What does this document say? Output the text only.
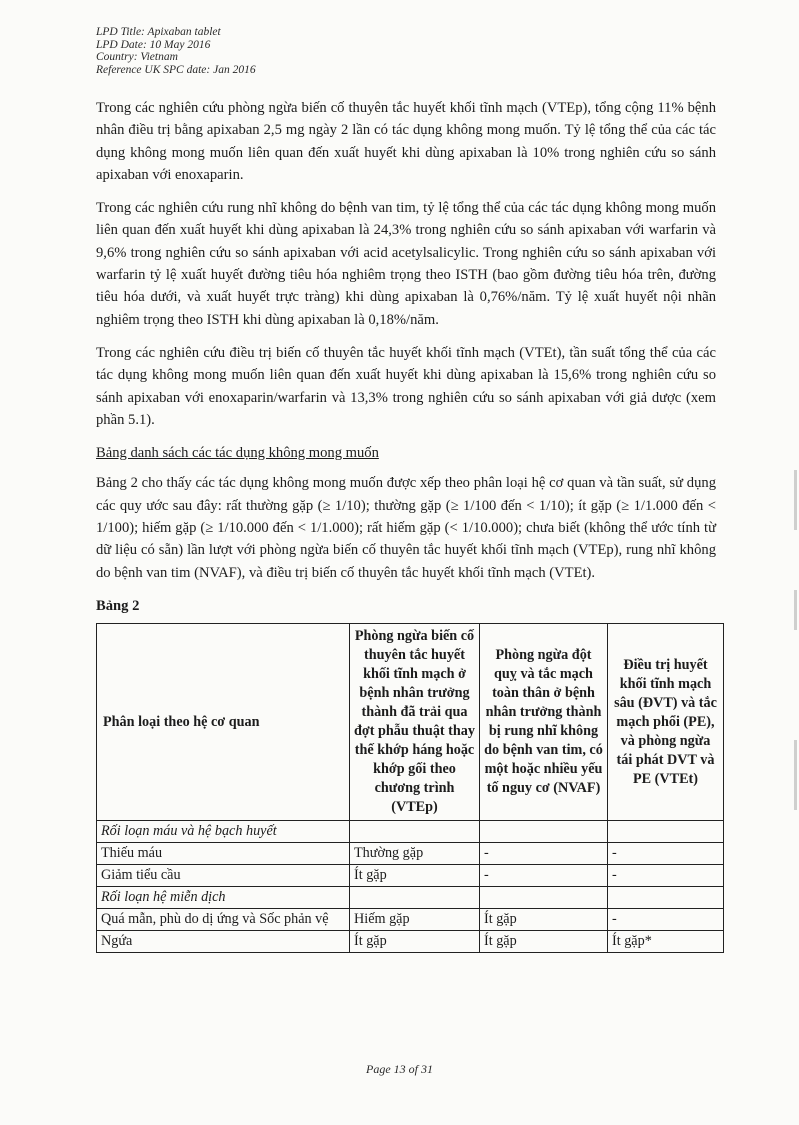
LPD Title: Apixaban tablet
LPD Date: 10 May 2016
Country: Vietnam
Reference UK SPC date: Jan 2016

Trong các nghiên cứu phòng ngừa biến cố thuyên tắc huyết khối tĩnh mạch (VTEp), tổng cộng 11% bệnh nhân điều trị bằng apixaban 2,5 mg ngày 2 lần có tác dụng không mong muốn. Tỷ lệ tổng thể của các tác dụng không mong muốn liên quan đến xuất huyết khi dùng apixaban là 10% trong nghiên cứu so sánh apixaban với enoxaparin.

Trong các nghiên cứu rung nhĩ không do bệnh van tim, tỷ lệ tổng thể của các tác dụng không mong muốn liên quan đến xuất huyết khi dùng apixaban là 24,3% trong nghiên cứu so sánh apixaban với warfarin và 9,6% trong nghiên cứu so sánh apixaban với acid acetylsalicylic. Trong nghiên cứu so sánh apixaban với warfarin tỷ lệ xuất huyết đường tiêu hóa nghiêm trọng theo ISTH (bao gồm đường tiêu hóa trên, đường tiêu hóa dưới, và xuất huyết trực tràng) khi dùng apixaban là 0,76%/năm. Tỷ lệ xuất huyết nội nhãn nghiêm trọng theo ISTH khi dùng apixaban là 0,18%/năm.

Trong các nghiên cứu điều trị biến cố thuyên tắc huyết khối tĩnh mạch (VTEt), tần suất tổng thể của các tác dụng không mong muốn liên quan đến xuất huyết khi dùng apixaban là 15,6% trong nghiên cứu so sánh apixaban với enoxaparin/warfarin và 13,3% trong nghiên cứu so sánh apixaban với giả dược (xem phần 5.1).

Bảng danh sách các tác dụng không mong muốn

Bảng 2 cho thấy các tác dụng không mong muốn được xếp theo phân loại hệ cơ quan và tần suất, sử dụng các quy ước sau đây: rất thường gặp (≥ 1/10); thường gặp (≥ 1/100 đến < 1/10); ít gặp (≥ 1/1.000 đến < 1/100); hiếm gặp (≥ 1/10.000 đến < 1/1.000); rất hiếm gặp (< 1/10.000); chưa biết (không thể ước tính từ dữ liệu có sẵn) lần lượt với phòng ngừa biến cố thuyên tắc huyết khối tĩnh mạch (VTEp), rung nhĩ không do bệnh van tim (NVAF), và điều trị biến cố thuyên tắc huyết khối tĩnh mạch (VTEt).

Bảng 2
Phân loại theo hệ cơ quan	Phòng ngừa biến cố thuyên tắc huyết khối tĩnh mạch ở bệnh nhân trưởng thành đã trải qua đợt phẫu thuật thay thế khớp háng hoặc khớp gối theo chương trình (VTEp)	Phòng ngừa đột quỵ và tắc mạch toàn thân ở bệnh nhân trưởng thành bị rung nhĩ không do bệnh van tim, có một hoặc nhiều yếu tố nguy cơ (NVAF)	Điều trị huyết khối tĩnh mạch sâu (ĐVT) và tắc mạch phổi (PE), và phòng ngừa tái phát DVT và PE (VTEt)
Rối loạn máu và hệ bạch huyết			
Thiếu máu	Thường gặp	-	-
Giảm tiểu cầu	Ít gặp	-	-
Rối loạn hệ miễn dịch			
Quá mẫn, phù do dị ứng và Sốc phản vệ	Hiếm gặp	Ít gặp	-
Ngứa	Ít gặp	Ít gặp	Ít gặp*
Page 13 of 31
